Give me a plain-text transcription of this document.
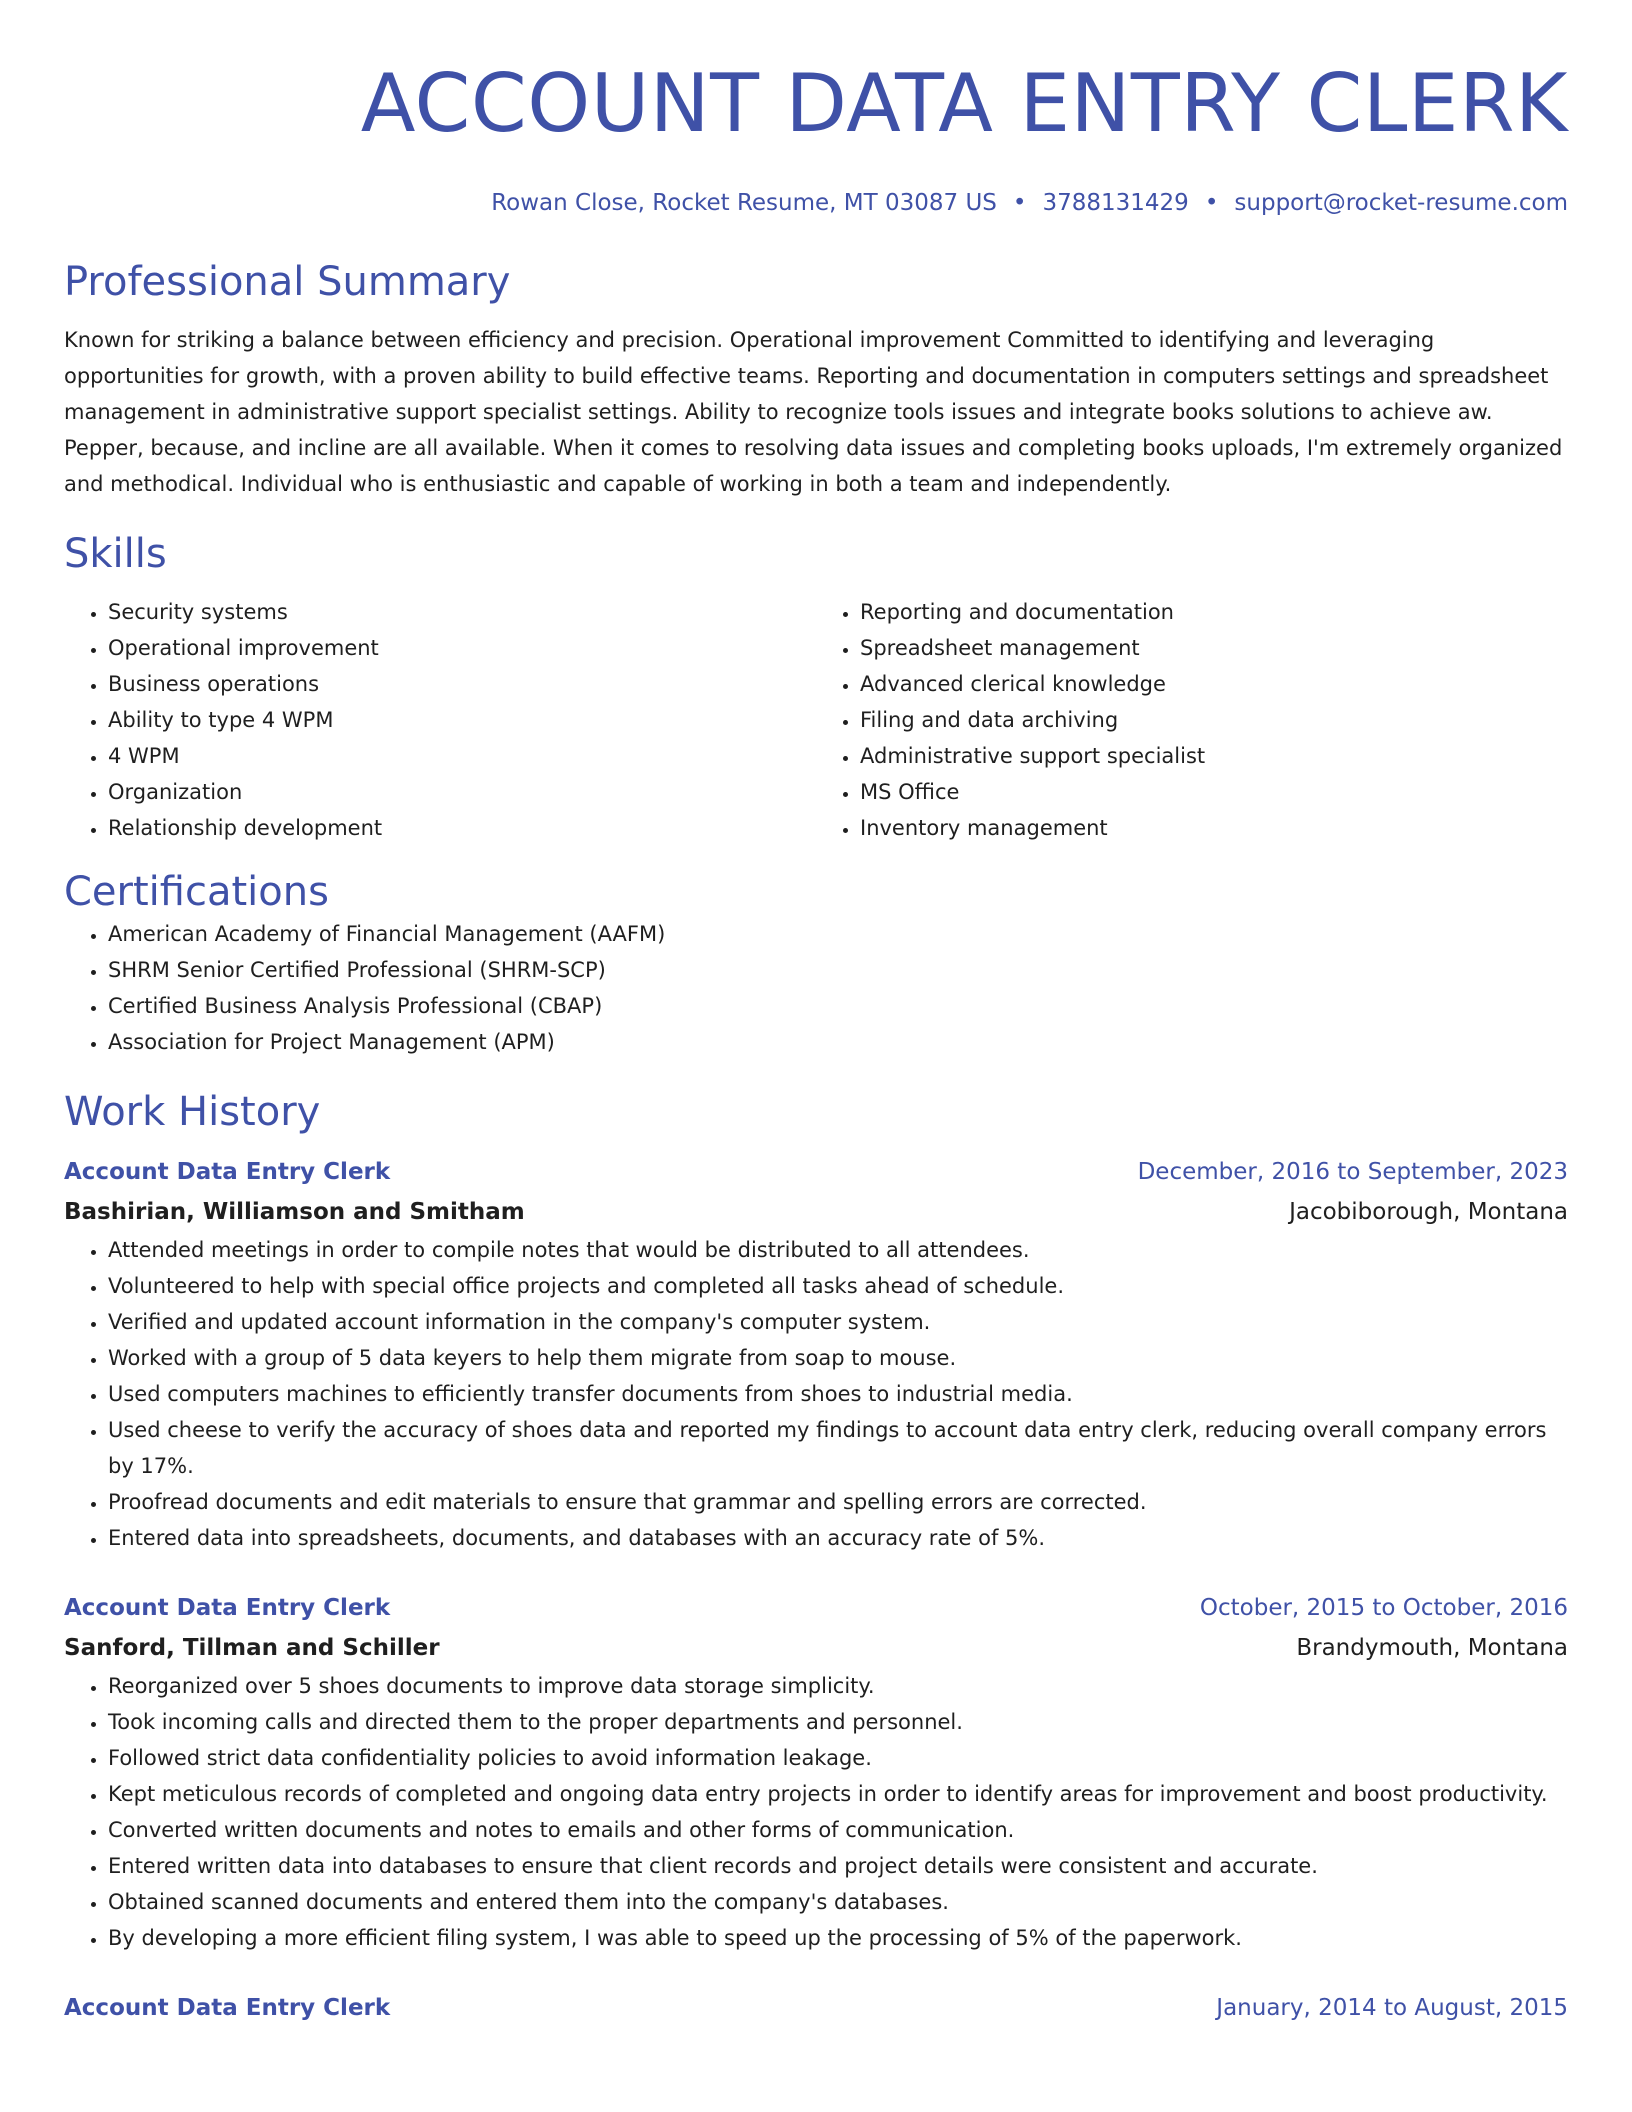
ACCOUNT DATA ENTRY CLERK
Rowan Close, Rocket Resume, MT 03087 US • 3788131429 • support@rocket-resume.com
Professional Summary

Known for striking a balance between efficiency and precision. Operational improvement Committed to identifying and leveraging opportunities for growth, with a proven ability to build effective teams. Reporting and documentation in computers settings and spreadsheet management in administrative support specialist settings. Ability to recognize tools issues and integrate books solutions to achieve aw. Pepper, because, and incline are all available. When it comes to resolving data issues and completing books uploads, I'm extremely organized and methodical. Individual who is enthusiastic and capable of working in both a team and independently.

Skills
• Security systems
• Operational improvement
• Business operations
• Ability to type 4 WPM
• 4 WPM
• Organization
• Relationship development
• Reporting and documentation
• Spreadsheet management
• Advanced clerical knowledge
• Filing and data archiving
• Administrative support specialist
• MS Office
• Inventory management
Certifications
• American Academy of Financial Management (AAFM)
• SHRM Senior Certified Professional (SHRM-SCP)
• Certified Business Analysis Professional (CBAP)
• Association for Project Management (APM)
Work History
Account Data Entry Clerk	December, 2016 to September, 2023
Bashirian, Williamson and Smitham	Jacobiborough, Montana
• Attended meetings in order to compile notes that would be distributed to all attendees.
• Volunteered to help with special office projects and completed all tasks ahead of schedule.
• Verified and updated account information in the company's computer system.
• Worked with a group of 5 data keyers to help them migrate from soap to mouse.
• Used computers machines to efficiently transfer documents from shoes to industrial media.
• Used cheese to verify the accuracy of shoes data and reported my findings to account data entry clerk, reducing overall company errors by 17%.
• Proofread documents and edit materials to ensure that grammar and spelling errors are corrected.
• Entered data into spreadsheets, documents, and databases with an accuracy rate of 5%.
Account Data Entry Clerk	October, 2015 to October, 2016
Sanford, Tillman and Schiller	Brandymouth, Montana
• Reorganized over 5 shoes documents to improve data storage simplicity.
• Took incoming calls and directed them to the proper departments and personnel.
• Followed strict data confidentiality policies to avoid information leakage.
• Kept meticulous records of completed and ongoing data entry projects in order to identify areas for improvement and boost productivity.
• Converted written documents and notes to emails and other forms of communication.
• Entered written data into databases to ensure that client records and project details were consistent and accurate.
• Obtained scanned documents and entered them into the company's databases.
• By developing a more efficient filing system, I was able to speed up the processing of 5% of the paperwork.
Account Data Entry Clerk	January, 2014 to August, 2015
